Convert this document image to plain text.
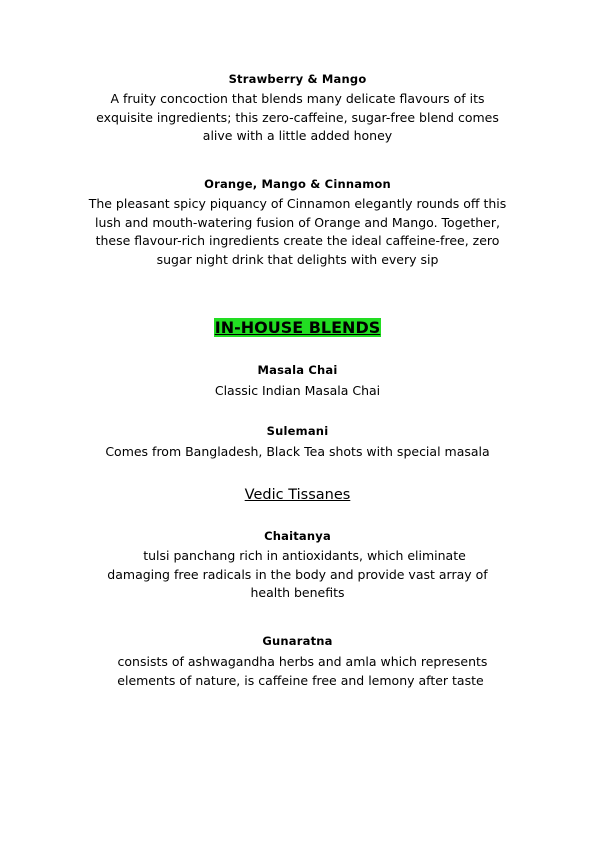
Strawberry & Mango
A fruity concoction that blends many delicate flavours of its
exquisite ingredients; this zero-caffeine, sugar-free blend comes
alive with a little added honey
Orange, Mango & Cinnamon
The pleasant spicy piquancy of Cinnamon elegantly rounds off this
lush and mouth-watering fusion of Orange and Mango. Together,
these flavour-rich ingredients create the ideal caffeine-free, zero
sugar night drink that delights with every sip
IN-HOUSE BLENDS
Masala Chai
Classic Indian Masala Chai
Sulemani
Comes from Bangladesh, Black Tea shots with special masala
Vedic Tissanes
Chaitanya
tulsi panchang rich in antioxidants, which eliminate
damaging free radicals in the body and provide vast array of
health benefits
Gunaratna
consists of ashwagandha herbs and amla which represents
elements of nature, is caffeine free and lemony after taste
